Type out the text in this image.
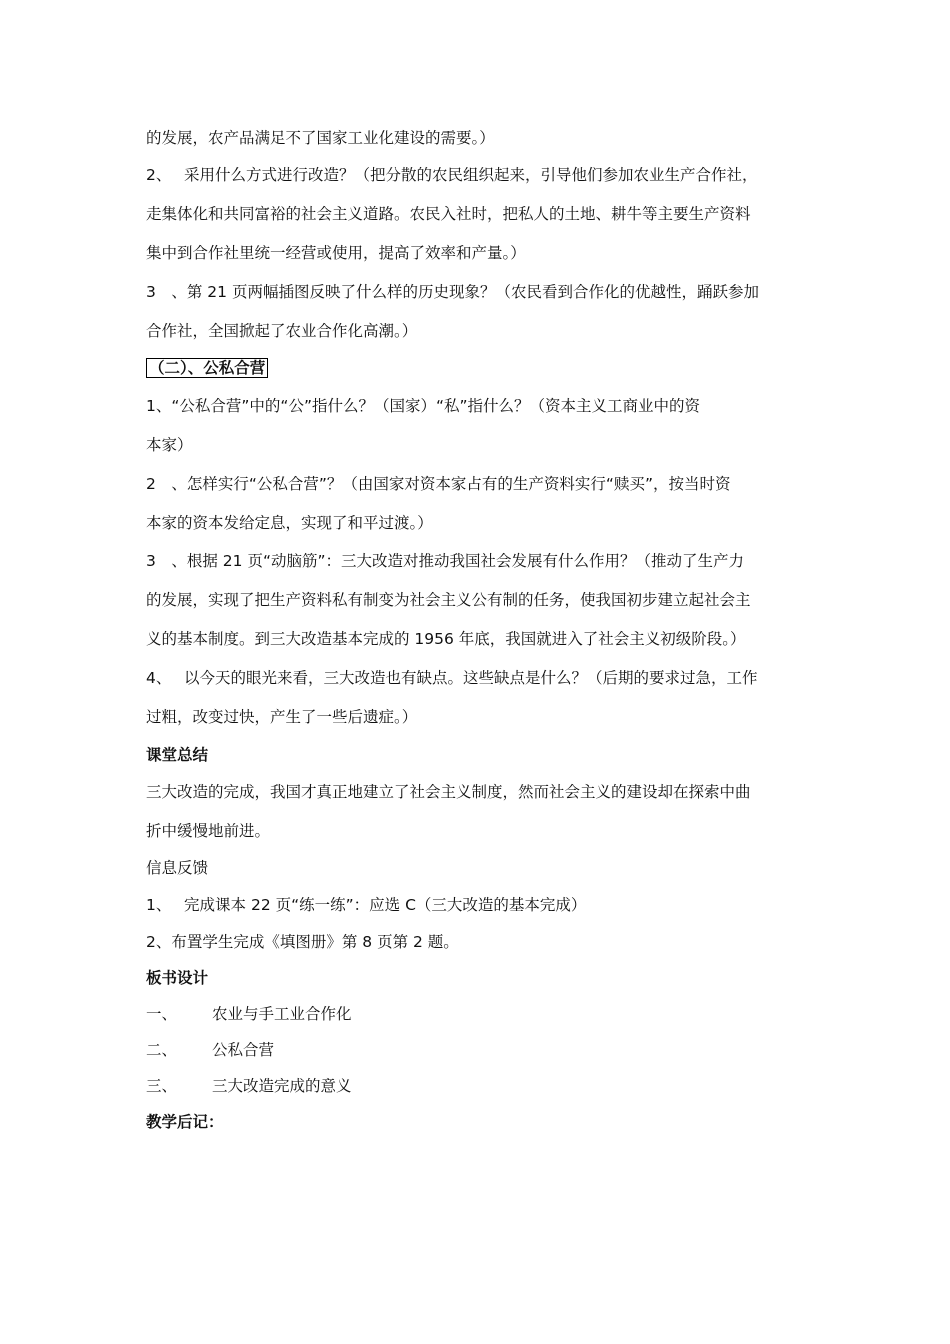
的发展，农产品满足不了国家工业化建设的需要。）
2、　 采用什么方式进行改造？（把分散的农民组织起来，引导他们参加农业生产合作社，
走集体化和共同富裕的社会主义道路。农民入社时，把私人的土地、耕牛等主要生产资料
集中到合作社里统一经营或使用，提高了效率和产量。）
3　、第 21 页两幅插图反映了什么样的历史现象？（农民看到合作化的优越性，踊跃参加
合作社，全国掀起了农业合作化高潮。）
（二）、公私合营
1、“公私合营”中的“公”指什么？（国家）“私”指什么？（资本主义工商业中的资
本家）
2　、怎样实行“公私合营”？（由国家对资本家占有的生产资料实行“赎买”，按当时资
本家的资本发给定息，实现了和平过渡。）
3　、根据 21 页“动脑筋”：三大改造对推动我国社会发展有什么作用？（推动了生产力
的发展，实现了把生产资料私有制变为社会主义公有制的任务，使我国初步建立起社会主
义的基本制度。到三大改造基本完成的 1956 年底，我国就进入了社会主义初级阶段。）
4、　 以今天的眼光来看，三大改造也有缺点。这些缺点是什么？（后期的要求过急，工作
过粗，改变过快，产生了一些后遗症。）
课堂总结
三大改造的完成，我国才真正地建立了社会主义制度，然而社会主义的建设却在探索中曲
折中缓慢地前进。
信息反馈
1、　 完成课本 22 页“练一练”：应选 C（三大改造的基本完成）
2、布置学生完成《填图册》第 8 页第 2 题。
板书设计
一、 农业与手工业合作化
二、 公私合营
三、 三大改造完成的意义
教学后记：
